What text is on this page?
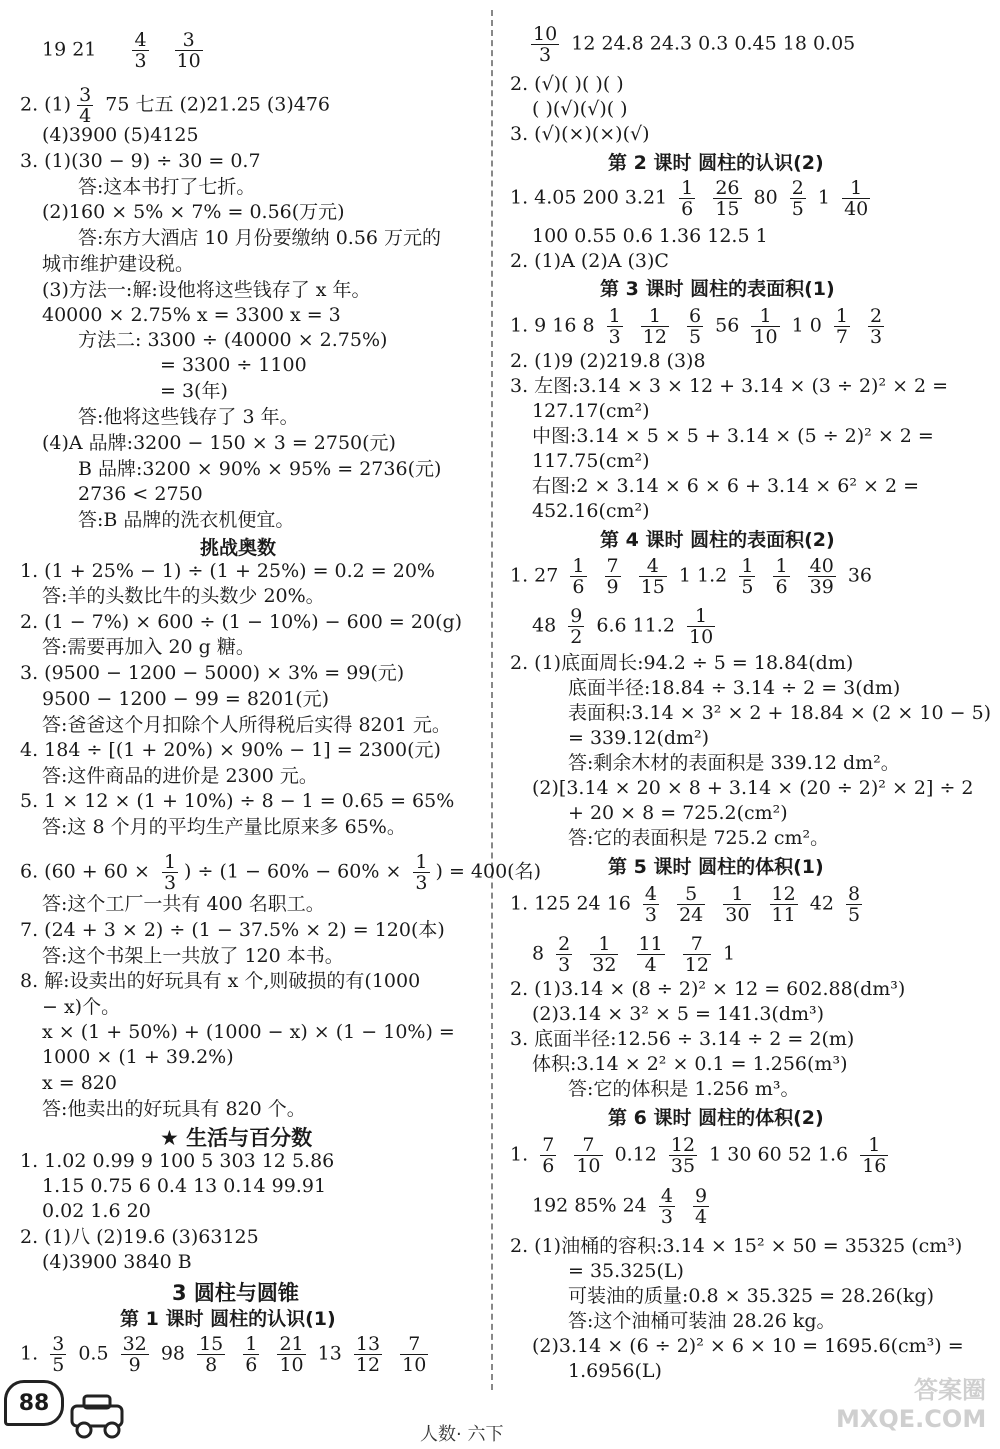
19 $21 \frac{4}{3}$
$\frac{3}{10}$
2. $(1) \frac{3}{4} 75$ 七五 (2)21.25 (3)476
(4)3900 (5)4125
3. (1)(30 − 9) ÷ 30 = 0.7
答:这本书打了七折。
(2)160 × 5% × 7% = 0.56(万元)
答:东方大酒店 10 月份要缴纳 0.56 万元的
城市维护建设税。
(3)方法一:解:设他将这些钱存了 x 年。
40000 × 2.75% x = 3300 x = 3
方法二: 3300 ÷ (40000 × 2.75%)
= 3300 ÷ 1100
= 3(年)
答:他将这些钱存了 3 年。
(4)A 品牌:3200 − 150 × 3 = 2750(元)
B 品牌:3200 × 90% × 95% = 2736(元)
2736 < 2750
答:B 品牌的洗衣机便宜。
挑战奥数
1. (1 + 25% − 1) ÷ (1 + 25%) = 0.2 = 20%
答:羊的头数比牛的头数少 20%。
2. (1 − 7%) × 600 ÷ (1 − 10%) − 600 = 20(g)
答:需要再加入 20 g 糖。
3. (9500 − 1200 − 5000) × 3% = 99(元)
9500 − 1200 − 99 = 8201(元)
答:爸爸这个月扣除个人所得税后实得 8201 元。
4. 184 ÷ [(1 + 20%) × 90% − 1] = 2300(元)
答:这件商品的进价是 2300 元。
5. 1 × 12 × (1 + 10%) ÷ 8 − 1 = 0.65 = 65%
答:这 8 个月的平均生产量比原来多 65%。
6. ($60 + 60 \times \frac{1}{3}$ ) ÷ ($1 - 60\% - 60\% \times \frac{1}{3}$ ) = 400(名)
答:这个工厂一共有 400 名职工。
7. (24 + 3 × 2) ÷ (1 − 37.5% × 2) = 120(本)
答:这个书架上一共放了 120 本书。
8. 解:设卖出的好玩具有 x 个,则破损的有(1000
− x)个。
x × (1 + 50%) + (1000 − x) × (1 − 10%) =
1000 × (1 + 39.2%)
x = 820
答:他卖出的好玩具有 820 个。
★ 生活与百分数
1. 1.02 0.99 9 100 5 303 12 5.86
1.15 0.75 6 0.4 13 0.14 99.91
0.02 1.6 20
2. (1)八 (2)19.6 (3)63125
(4)3900 3840 B
3 圆柱与圆锥
第 1 课时 圆柱的认识(1)
1. $\frac{3}{5} 0.5 \frac{32}{9} 98 \frac{15}{8}$
$\frac{1}{6}$
$\frac{21}{10} 13 \frac{13}{12}$
$\frac{7}{10}$
$\frac{10}{3} 12$ 24.8 24.3 0.3 0.45 18 0.05
2. (√)( )( )( )
( )(√)(√)( )
3. (√)(×)(×)(√)
第 2 课时 圆柱的认识(2)
1. 4.05 200 $3.21 \frac{1}{6}$
$\frac{26}{15} 80 \frac{2}{5} 1 \frac{1}{40}$
100 0.55 0.6 1.36 12.5 1
2. (1)A (2)A (3)C
第 3 课时 圆柱的表面积(1)
1. 9 16 $8 \frac{1}{3}$
$\frac{1}{12}$
$\frac{6}{5} 56 \frac{1}{10} 1$ $0 \frac{1}{7}$
$\frac{2}{3}$
2. (1)9 (2)219.8 (3)8
3. 左图:3.14 × 3 × 12 + 3.14 × (3 ÷ 2)² × 2 =
127.17(cm²)
中图:3.14 × 5 × 5 + 3.14 × (5 ÷ 2)² × 2 =
117.75(cm²)
右图:2 × 3.14 × 6 × 6 + 3.14 × 6² × 2 =
452.16(cm²)
第 4 课时 圆柱的表面积(2)
1. $27 \frac{1}{6}$
$\frac{7}{9}$
$\frac{4}{15} 1$ $1.2 \frac{1}{5}$
$\frac{1}{6}$
$\frac{40}{39} 36$
$48 \frac{9}{2} 6.6$ $11.2 \frac{1}{10}$
2. (1)底面周长:94.2 ÷ 5 = 18.84(dm)
底面半径:18.84 ÷ 3.14 ÷ 2 = 3(dm)
表面积:3.14 × 3² × 2 + 18.84 × (2 × 10 − 5)
= 339.12(dm²)
答:剩余木材的表面积是 339.12 dm²。
(2)[3.14 × 20 × 8 + 3.14 × (20 ÷ 2)² × 2] ÷ 2
+ 20 × 8 = 725.2(cm²)
答:它的表面积是 725.2 cm²。
第 5 课时 圆柱的体积(1)
1. 125 24 $16 \frac{4}{3}$
$\frac{5}{24}$
$\frac{1}{30}$
$\frac{12}{11} 42 \frac{8}{5}$
$8 \frac{2}{3}$
$\frac{1}{32}$
$\frac{11}{4}$
$\frac{7}{12} 1$
2. (1)3.14 × (8 ÷ 2)² × 12 = 602.88(dm³)
(2)3.14 × 3² × 5 = 141.3(dm³)
3. 底面半径:12.56 ÷ 3.14 ÷ 2 = 2(m)
体积:3.14 × 2² × 0.1 = 1.256(m³)
答:它的体积是 1.256 m³。
第 6 课时 圆柱的体积(2)
1. $\frac{7}{6}$
$\frac{7}{10} 0.12 \frac{12}{35} 1$ 30 60 52 $1.6 \frac{1}{16}$
192 85% $24 \frac{4}{3}$
$\frac{9}{4}$
2. (1)油桶的容积:3.14 × 15² × 50 = 35325 (cm³)
= 35.325(L)
可装油的质量:0.8 × 35.325 = 28.26(kg)
答:这个油桶可装油 28.26 kg。
(2)3.14 × (6 ÷ 2)² × 6 × 10 = 1695.6(cm³) =
1.6956(L)
88
人数· 六下
答案圈 MXQE.COM
